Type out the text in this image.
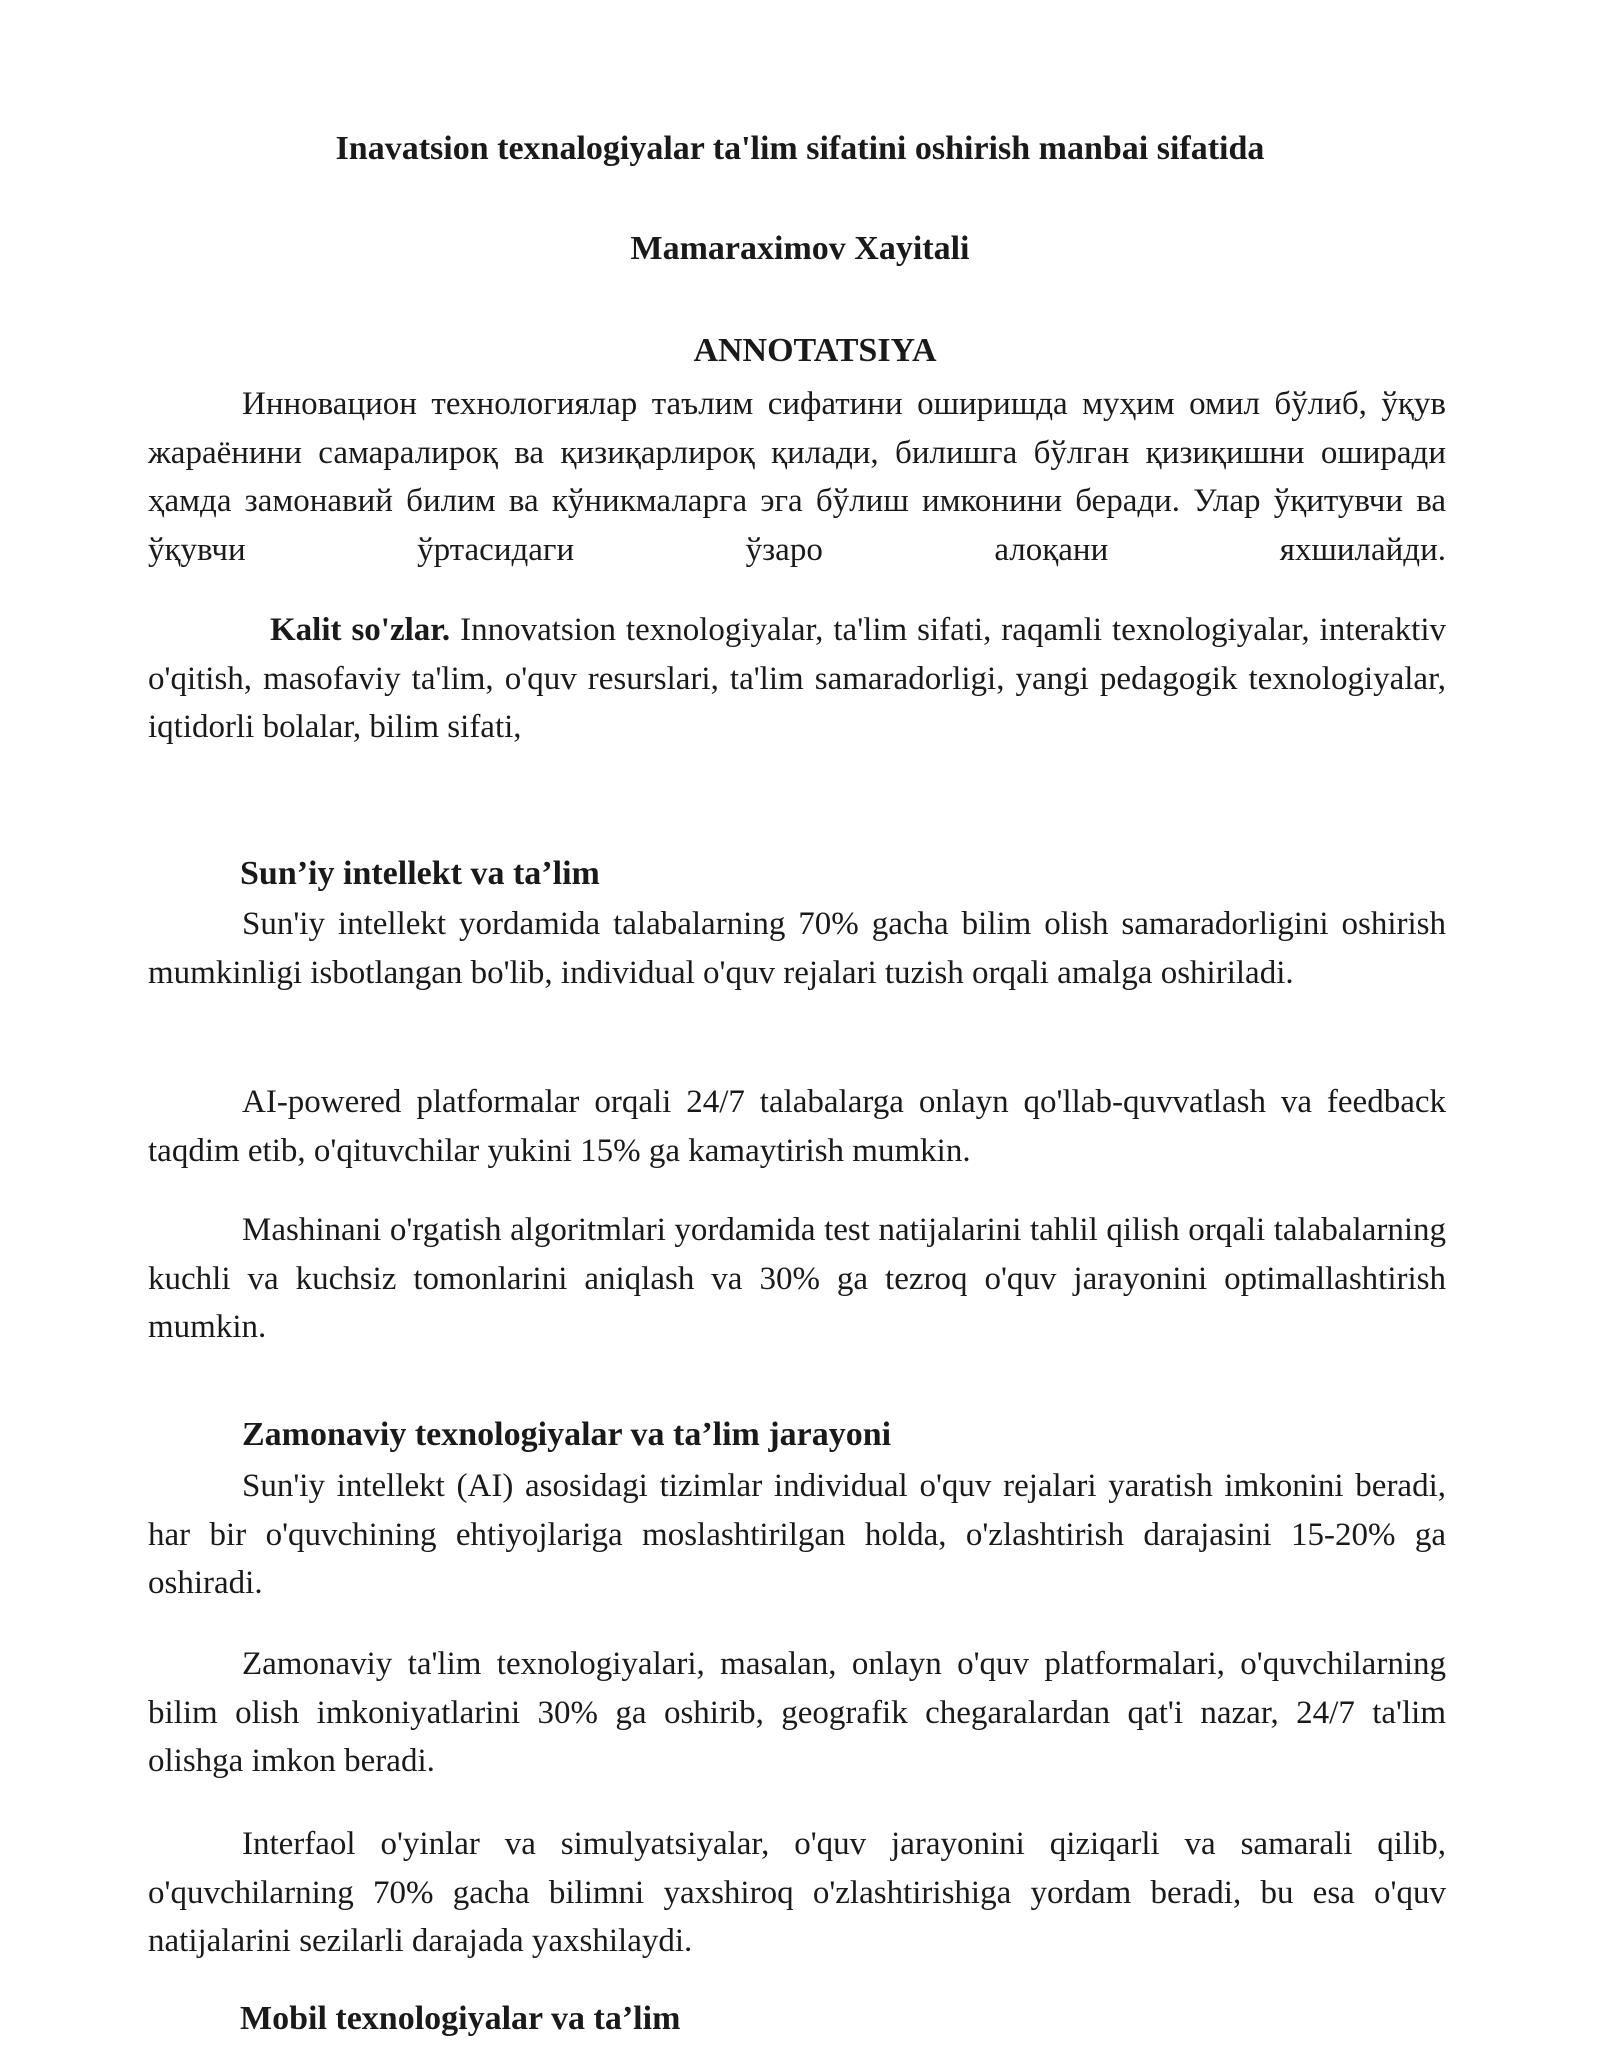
Inavatsion texnalogiyalar ta'lim sifatini oshirish manbai sifatida
Mamaraximov Xayitali
ANNOTATSIYA

Инновацион технологиялар таълим сифатини оширишда муҳим омил бўлиб, ўқув жараёнини самаралироқ ва қизиқарлироқ қилади, билишга бўлган қизиқишни оширади ҳамда замонавий билим ва кўникмаларга эга бўлиш имконини беради. Улар ўқитувчи ва ўқувчи ўртасидаги ўзаро алоқани яхшилайди.

Kalit so'zlar. Innovatsion texnologiyalar, ta'lim sifati, raqamli texnologiyalar, interaktiv o'qitish, masofaviy ta'lim, o'quv resurslari, ta'lim samaradorligi, yangi pedagogik texnologiyalar, iqtidorli bolalar, bilim sifati,

Sun’iy intellekt va ta’lim

Sun'iy intellekt yordamida talabalarning 70% gacha bilim olish samaradorligini oshirish mumkinligi isbotlangan bo'lib, individual o'quv rejalari tuzish orqali amalga oshiriladi.

AI-powered platformalar orqali 24/7 talabalarga onlayn qo'llab-quvvatlash va feedback taqdim etib, o'qituvchilar yukini 15% ga kamaytirish mumkin.

Mashinani o'rgatish algoritmlari yordamida test natijalarini tahlil qilish orqali talabalarning kuchli va kuchsiz tomonlarini aniqlash va 30% ga tezroq o'quv jarayonini optimallashtirish mumkin.

Zamonaviy texnologiyalar va ta’lim jarayoni

Sun'iy intellekt (AI) asosidagi tizimlar individual o'quv rejalari yaratish imkonini beradi, har bir o'quvchining ehtiyojlariga moslashtirilgan holda, o'zlashtirish darajasini 15-20% ga oshiradi.

Zamonaviy ta'lim texnologiyalari, masalan, onlayn o'quv platformalari, o'quvchilarning bilim olish imkoniyatlarini 30% ga oshirib, geografik chegaralardan qat'i nazar, 24/7 ta'lim olishga imkon beradi.

Interfaol o'yinlar va simulyatsiyalar, o'quv jarayonini qiziqarli va samarali qilib, o'quvchilarning 70% gacha bilimni yaxshiroq o'zlashtirishiga yordam beradi, bu esa o'quv natijalarini sezilarli darajada yaxshilaydi.

Mobil texnologiyalar va ta’lim
